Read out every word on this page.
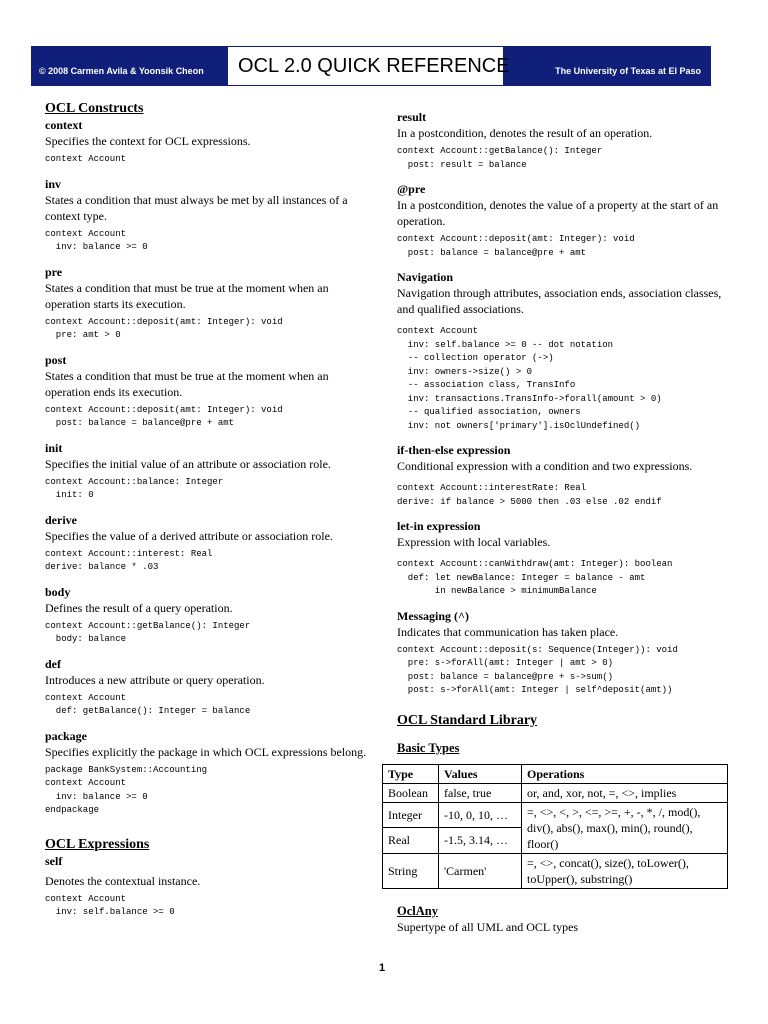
© 2008 Carmen Avila & Yoonsik Cheon OCL 2.0 QUICK REFERENCE	The University of Texas at El Paso
OCL Constructs
context

Specifies the context for OCL expressions.

context Account
inv

States a condition that must always be met by all instances of a context type.

context Account
inv: balance >= 0
pre

States a condition that must be true at the moment when an operation starts its execution.

context Account::deposit(amt: Integer): void
pre: amt > 0
post

States a condition that must be true at the moment when an operation ends its execution.

context Account::deposit(amt: Integer): void
post: balance = balance@pre + amt
init

Specifies the initial value of an attribute or association role.

context Account::balance: Integer
init: 0
derive

Specifies the value of a derived attribute or association role.

context Account::interest: Real
derive: balance * .03
body

Defines the result of a query operation.

context Account::getBalance(): Integer
body: balance
def

Introduces a new attribute or query operation.

context Account
def: getBalance(): Integer = balance
package

Specifies explicitly the package in which OCL expressions belong.

package BankSystem::Accounting
context Account
inv: balance >= 0
endpackage
OCL Expressions
self

Denotes the contextual instance.

context Account
inv: self.balance >= 0
result

In a postcondition, denotes the result of an operation.

context Account::getBalance(): Integer
post: result = balance
@pre

In a postcondition, denotes the value of a property at the start of an operation.

context Account::deposit(amt: Integer): void
post: balance = balance@pre + amt
Navigation

Navigation through attributes, association ends, association classes, and qualified associations.

context Account
inv: self.balance >= 0 -- dot notation
-- collection operator (->)
inv: owners->size() > 0
-- association class, TransInfo
inv: transactions.TransInfo->forall(amount > 0)
-- qualified association, owners
inv: not owners['primary'].isOclUndefined()
if-then-else expression

Conditional expression with a condition and two expressions.

context Account::interestRate: Real
derive: if balance > 5000 then .03 else .02 endif
let-in expression

Expression with local variables.

context Account::canWithdraw(amt: Integer): boolean
def: let newBalance: Integer = balance - amt
in newBalance > minimumBalance
Messaging (^)

Indicates that communication has taken place.

context Account::deposit(s: Sequence(Integer)): void
pre: s->forAll(amt: Integer | amt > 0)
post: balance = balance@pre + s->sum()
post: s->forAll(amt: Integer | self^deposit(amt))
OCL Standard Library
Basic Types
Type	Values	Operations
Boolean	false, true	or, and, xor, not, =, <>, implies
Integer	-10, 0, 10, …	=, <>, <, >, <=, >=, +, -, *, /, mod(), div(), abs(), max(), min(), round(), floor()
Real	-1.5, 3.14, …	
String	'Carmen'	=, <>, concat(), size(), toLower(), toUpper(), substring()
OclAny

Supertype of all UML and OCL types

1
